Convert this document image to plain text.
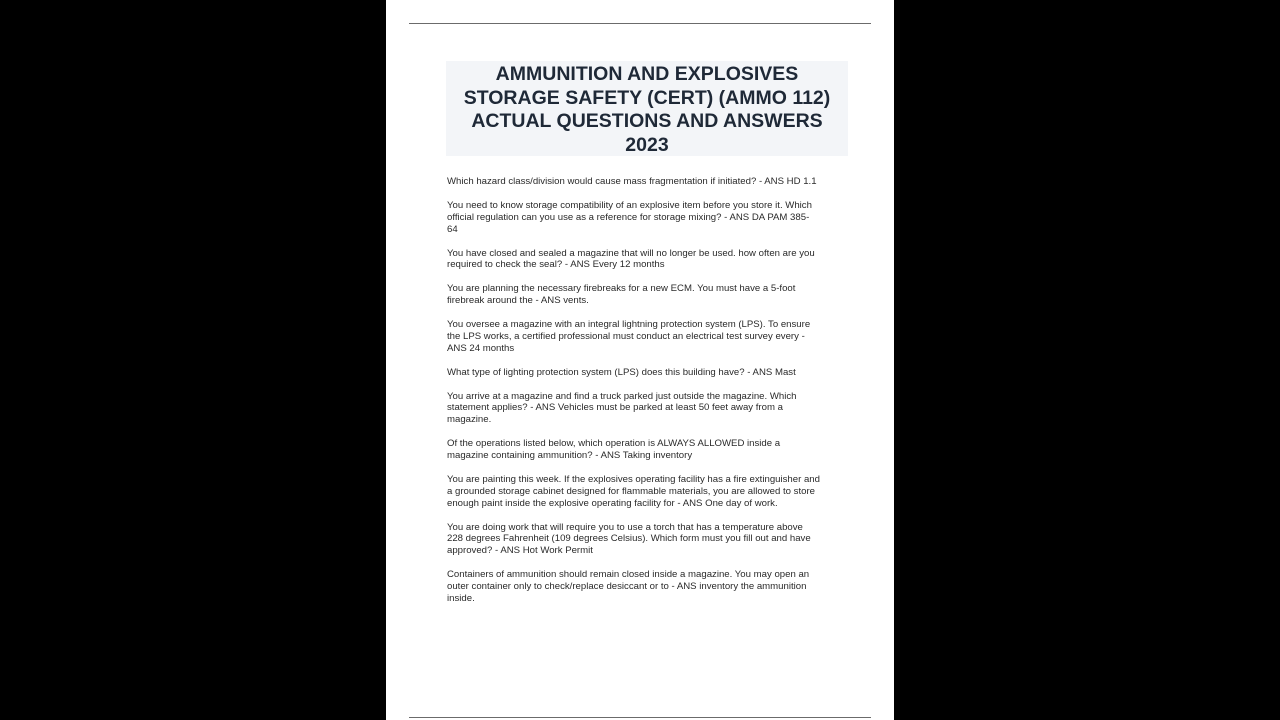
AMMUNITION AND EXPLOSIVES
STORAGE SAFETY (CERT) (AMMO 112)
ACTUAL QUESTIONS AND ANSWERS
2023
Which hazard class/division would cause mass fragmentation if initiated? - ANS HD 1.1
You need to know storage compatibility of an explosive item before you store it. Which
official regulation can you use as a reference for storage mixing? - ANS DA PAM 385-
64
You have closed and sealed a magazine that will no longer be used. how often are you
required to check the seal? - ANS Every 12 months
You are planning the necessary firebreaks for a new ECM. You must have a 5-foot
firebreak around the - ANS vents.
You oversee a magazine with an integral lightning protection system (LPS). To ensure
the LPS works, a certified professional must conduct an electrical test survey every -
ANS 24 months
What type of lighting protection system (LPS) does this building have? - ANS Mast
You arrive at a magazine and find a truck parked just outside the magazine. Which
statement applies? - ANS Vehicles must be parked at least 50 feet away from a
magazine.
Of the operations listed below, which operation is ALWAYS ALLOWED inside a
magazine containing ammunition? - ANS Taking inventory
You are painting this week. If the explosives operating facility has a fire extinguisher and
a grounded storage cabinet designed for flammable materials, you are allowed to store
enough paint inside the explosive operating facility for - ANS One day of work.
You are doing work that will require you to use a torch that has a temperature above
228 degrees Fahrenheit (109 degrees Celsius). Which form must you fill out and have
approved? - ANS Hot Work Permit
Containers of ammunition should remain closed inside a magazine. You may open an
outer container only to check/replace desiccant or to - ANS inventory the ammunition
inside.
